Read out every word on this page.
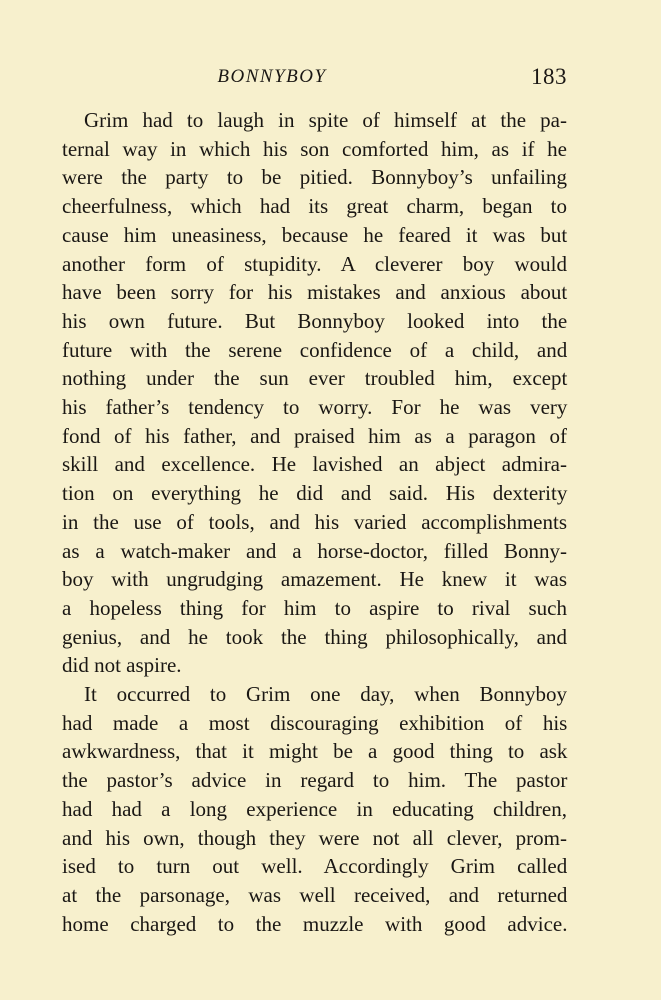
BONNYBOY	183

Grim had to laugh in spite of himself at the pa-
ternal way in which his son comforted him, as if he
were the party to be pitied. Bonnyboy’s unfailing
cheerfulness, which had its great charm, began to
cause him uneasiness, because he feared it was but
another form of stupidity. A cleverer boy would
have been sorry for his mistakes and anxious about
his own future. But Bonnyboy looked into the
future with the serene confidence of a child, and
nothing under the sun ever troubled him, except
his father’s tendency to worry. For he was very
fond of his father, and praised him as a paragon of
skill and excellence. He lavished an abject admira-
tion on everything he did and said. His dexterity
in the use of tools, and his varied accomplishments
as a watch-maker and a horse-doctor, filled Bonny-
boy with ungrudging amazement. He knew it was
a hopeless thing for him to aspire to rival such
genius, and he took the thing philosophically, and
did not aspire.

It occurred to Grim one day, when Bonnyboy
had made a most discouraging exhibition of his
awkwardness, that it might be a good thing to ask
the pastor’s advice in regard to him. The pastor
had had a long experience in educating children,
and his own, though they were not all clever, prom-
ised to turn out well. Accordingly Grim called
at the parsonage, was well received, and returned
home charged to the muzzle with good advice.
